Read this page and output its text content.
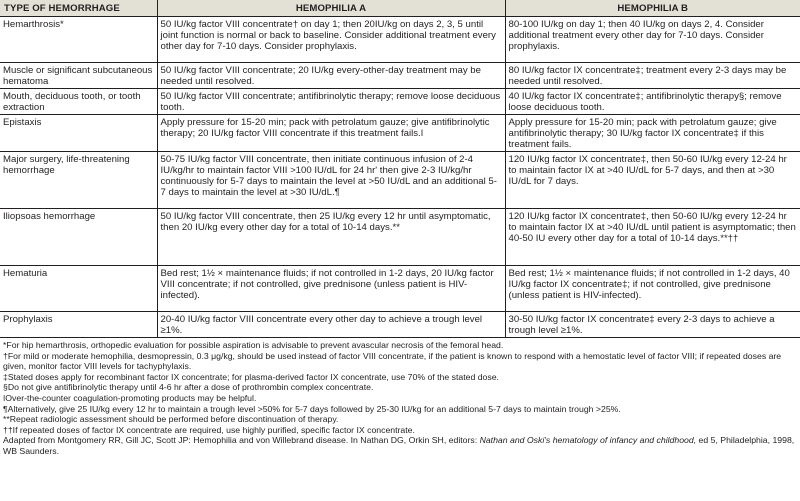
TYPE OF HEMORRHAGE	HEMOPHILIA A	HEMOPHILIA B
Hemarthrosis*	50 IU/kg factor VIII concentrate† on day 1; then 20IU/kg on days 2, 3, 5 until joint function is normal or back to baseline. Consider additional treatment every other day for 7-10 days. Consider prophylaxis.	80-100 IU/kg on day 1; then 40 IU/kg on days 2, 4. Consider additional treatment every other day for 7-10 days. Consider prophylaxis.
Muscle or significant subcutaneous hematoma	50 IU/kg factor VIII concentrate; 20 IU/kg every-other-day treatment may be needed until resolved.	80 IU/kg factor IX concentrate‡; treatment every 2-3 days may be needed until resolved.
Mouth, deciduous tooth, or tooth extraction	50 IU/kg factor VIII concentrate; antifibrinolytic therapy; remove loose deciduous tooth.	40 IU/kg factor IX concentrate‡; antifibrinolytic therapy§; remove loose deciduous tooth.
Epistaxis	Apply pressure for 15-20 min; pack with petrolatum gauze; give antifibrinolytic therapy; 20 IU/kg factor VIII concentrate if this treatment fails.ǀ	Apply pressure for 15-20 min; pack with petrolatum gauze; give antifibrinolytic therapy; 30 IU/kg factor IX concentrate‡ if this treatment fails.
Major surgery, life-threatening hemorrhage	50-75 IU/kg factor VIII concentrate, then initiate continuous infusion of 2-4 IU/kg/hr to maintain factor VIII >100 IU/dL for 24 hr' then give 2-3 IU/kg/hr continuously for 5-7 days to maintain the level at >50 IU/dL and an additional 5-7 days to maintain the level at >30 IU/dL.¶	120 IU/kg factor IX concentrate‡, then 50-60 IU/kg every 12-24 hr to maintain factor IX at >40 IU/dL for 5-7 days, and then at >30 IU/dL for 7 days.
Iliopsoas hemorrhage	50 IU/kg factor VIII concentrate, then 25 IU/kg every 12 hr until asymptomatic, then 20 IU/kg every other day for a total of 10-14 days.**	120 IU/kg factor IX concentrate‡, then 50-60 IU/kg every 12-24 hr to maintain factor IX at >40 IU/dL until patient is asymptomatic; then 40-50 IU every other day for a total of 10-14 days.**††
Hematuria	Bed rest; 1½ × maintenance fluids; if not controlled in 1-2 days, 20 IU/kg factor VIII concentrate; if not controlled, give prednisone (unless patient is HIV-infected).	Bed rest; 1½ × maintenance fluids; if not controlled in 1-2 days, 40 IU/kg factor IX concentrate‡; if not controlled, give prednisone (unless patient is HIV-infected).
Prophylaxis	20-40 IU/kg factor VIII concentrate every other day to achieve a trough level ≥1%.	30-50 IU/kg factor IX concentrate‡ every 2-3 days to achieve a trough level ≥1%.
*For hip hemarthrosis, orthopedic evaluation for possible aspiration is advisable to prevent avascular necrosis of the femoral head.
†For mild or moderate hemophilia, desmopressin, 0.3 μg/kg, should be used instead of factor VIII concentrate, if the patient is known to respond with a hemostatic level of factor VIII; if repeated doses are given, monitor factor VIII levels for tachyphylaxis.
‡Stated doses apply for recombinant factor IX concentrate; for plasma-derived factor IX concentrate, use 70% of the stated dose.
§Do not give antifibrinolytic therapy until 4-6 hr after a dose of prothrombin complex concentrate.
ǀOver-the-counter coagulation-promoting products may be helpful.
¶Alternatively, give 25 IU/kg every 12 hr to maintain a trough level >50% for 5-7 days followed by 25-30 IU/kg for an additional 5-7 days to maintain trough >25%.
**Repeat radiologic assessment should be performed before discontinuation of therapy.
††If repeated doses of factor IX concentrate are required, use highly purified, specific factor IX concentrate.
Adapted from Montgomery RR, Gill JC, Scott JP: Hemophilia and von Willebrand disease. In Nathan DG, Orkin SH, editors: Nathan and Oski's hematology of infancy and childhood, ed 5, Philadelphia, 1998, WB Saunders.
